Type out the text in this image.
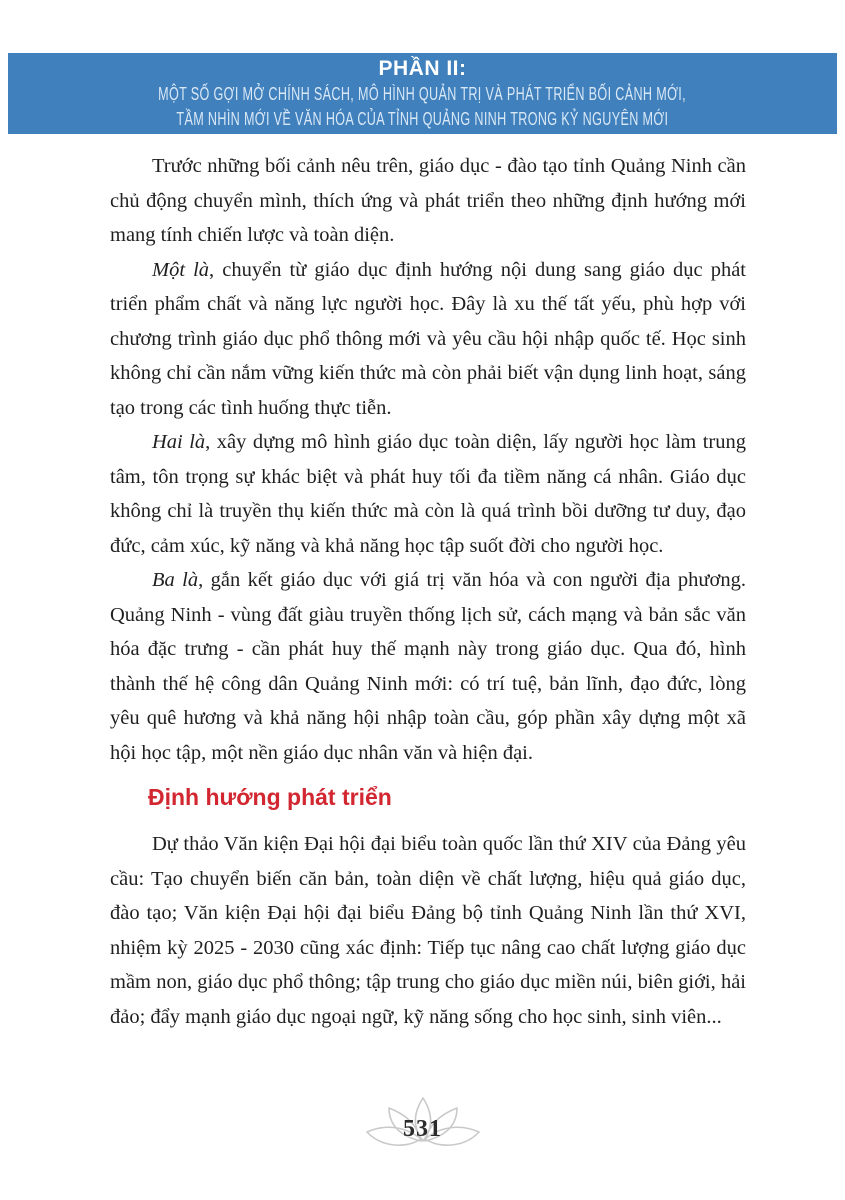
PHẦN II:
MỘT SỐ GỢI MỞ CHÍNH SÁCH, MÔ HÌNH QUẢN TRỊ VÀ PHÁT TRIỂN BỐI CẢNH MỚI,
TẦM NHÌN MỚI VỀ VĂN HÓA CỦA TỈNH QUẢNG NINH TRONG KỶ NGUYÊN MỚI

Trước những bối cảnh nêu trên, giáo dục - đào tạo tỉnh Quảng Ninh cần chủ động chuyển mình, thích ứng và phát triển theo những định hướng mới mang tính chiến lược và toàn diện.

Một là, chuyển từ giáo dục định hướng nội dung sang giáo dục phát triển phẩm chất và năng lực người học. Đây là xu thế tất yếu, phù hợp với chương trình giáo dục phổ thông mới và yêu cầu hội nhập quốc tế. Học sinh không chỉ cần nắm vững kiến thức mà còn phải biết vận dụng linh hoạt, sáng tạo trong các tình huống thực tiễn.

Hai là, xây dựng mô hình giáo dục toàn diện, lấy người học làm trung tâm, tôn trọng sự khác biệt và phát huy tối đa tiềm năng cá nhân. Giáo dục không chỉ là truyền thụ kiến thức mà còn là quá trình bồi dưỡng tư duy, đạo đức, cảm xúc, kỹ năng và khả năng học tập suốt đời cho người học.

Ba là, gắn kết giáo dục với giá trị văn hóa và con người địa phương. Quảng Ninh - vùng đất giàu truyền thống lịch sử, cách mạng và bản sắc văn hóa đặc trưng - cần phát huy thế mạnh này trong giáo dục. Qua đó, hình thành thế hệ công dân Quảng Ninh mới: có trí tuệ, bản lĩnh, đạo đức, lòng yêu quê hương và khả năng hội nhập toàn cầu, góp phần xây dựng một xã hội học tập, một nền giáo dục nhân văn và hiện đại.

Định hướng phát triển

Dự thảo Văn kiện Đại hội đại biểu toàn quốc lần thứ XIV của Đảng yêu cầu: Tạo chuyển biến căn bản, toàn diện về chất lượng, hiệu quả giáo dục, đào tạo; Văn kiện Đại hội đại biểu Đảng bộ tỉnh Quảng Ninh lần thứ XVI, nhiệm kỳ 2025 - 2030 cũng xác định: Tiếp tục nâng cao chất lượng giáo dục mầm non, giáo dục phổ thông; tập trung cho giáo dục miền núi, biên giới, hải đảo; đẩy mạnh giáo dục ngoại ngữ, kỹ năng sống cho học sinh, sinh viên...

531
